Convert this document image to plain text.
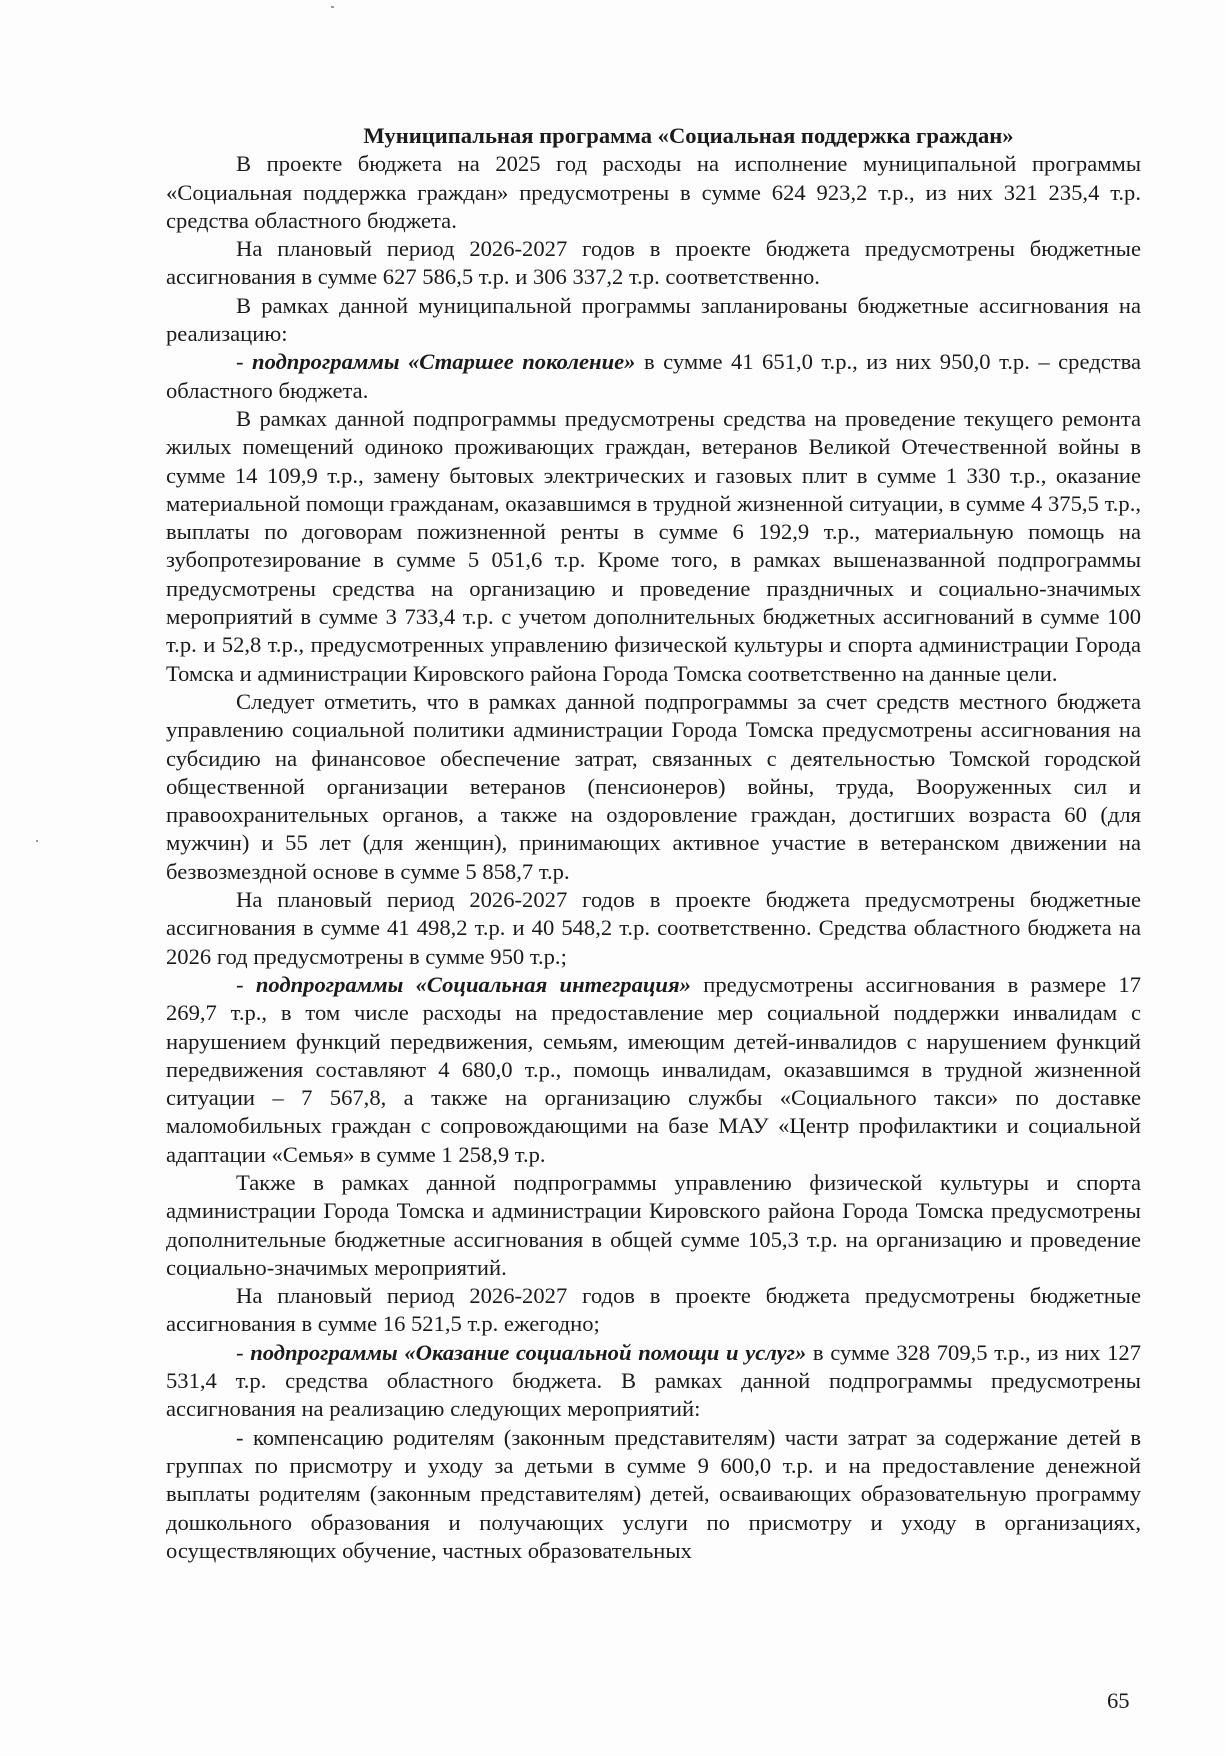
Муниципальная программа «Социальная поддержка граждан»

В проекте бюджета на 2025 год расходы на исполнение муниципальной программы «Социальная поддержка граждан» предусмотрены в сумме 624 923,2 т.р., из них 321 235,4 т.р. средства областного бюджета.

На плановый период 2026-2027 годов в проекте бюджета предусмотрены бюджетные ассигнования в сумме 627 586,5 т.р. и 306 337,2 т.р. соответственно.

В рамках данной муниципальной программы запланированы бюджетные ассигнования на реализацию:

- подпрограммы «Старшее поколение» в сумме 41 651,0 т.р., из них 950,0 т.р. – средства областного бюджета.

В рамках данной подпрограммы предусмотрены средства на проведение текущего ремонта жилых помещений одиноко проживающих граждан, ветеранов Великой Отечественной войны в сумме 14 109,9 т.р., замену бытовых электрических и газовых плит в сумме 1 330 т.р., оказание материальной помощи гражданам, оказавшимся в трудной жизненной ситуации, в сумме 4 375,5 т.р., выплаты по договорам пожизненной ренты в сумме 6 192,9 т.р., материальную помощь на зубопротезирование в сумме 5 051,6 т.р. Кроме того, в рамках вышеназванной подпрограммы предусмотрены средства на организацию и проведение праздничных и социально-значимых мероприятий в сумме 3 733,4 т.р. с учетом дополнительных бюджетных ассигнований в сумме 100 т.р. и 52,8 т.р., предусмотренных управлению физической культуры и спорта администрации Города Томска и администрации Кировского района Города Томска соответственно на данные цели.

Следует отметить, что в рамках данной подпрограммы за счет средств местного бюджета управлению социальной политики администрации Города Томска предусмотрены ассигнования на субсидию на финансовое обеспечение затрат, связанных с деятельностью Томской городской общественной организации ветеранов (пенсионеров) войны, труда, Вооруженных сил и правоохранительных органов, а также на оздоровление граждан, достигших возраста 60 (для мужчин) и 55 лет (для женщин), принимающих активное участие в ветеранском движении на безвозмездной основе в сумме 5 858,7 т.р.

На плановый период 2026-2027 годов в проекте бюджета предусмотрены бюджетные ассигнования в сумме 41 498,2 т.р. и 40 548,2 т.р. соответственно. Средства областного бюджета на 2026 год предусмотрены в сумме 950 т.р.;

- подпрограммы «Социальная интеграция» предусмотрены ассигнования в размере 17 269,7 т.р., в том числе расходы на предоставление мер социальной поддержки инвалидам с нарушением функций передвижения, семьям, имеющим детей-инвалидов с нарушением функций передвижения составляют 4 680,0 т.р., помощь инвалидам, оказавшимся в трудной жизненной ситуации – 7 567,8, а также на организацию службы «Социального такси» по доставке маломобильных граждан с сопровождающими на базе МАУ «Центр профилактики и социальной адаптации «Семья» в сумме 1 258,9 т.р.

Также в рамках данной подпрограммы управлению физической культуры и спорта администрации Города Томска и администрации Кировского района Города Томска предусмотрены дополнительные бюджетные ассигнования в общей сумме 105,3 т.р. на организацию и проведение социально-значимых мероприятий.

На плановый период 2026-2027 годов в проекте бюджета предусмотрены бюджетные ассигнования в сумме 16 521,5 т.р. ежегодно;

- подпрограммы «Оказание социальной помощи и услуг» в сумме 328 709,5 т.р., из них 127 531,4 т.р. средства областного бюджета. В рамках данной подпрограммы предусмотрены ассигнования на реализацию следующих мероприятий:

- компенсацию родителям (законным представителям) части затрат за содержание детей в группах по присмотру и уходу за детьми в сумме 9 600,0 т.р. и на предоставление денежной выплаты родителям (законным представителям) детей, осваивающих образовательную программу дошкольного образования и получающих услуги по присмотру и уходу в организациях, осуществляющих обучение, частных образовательных

65
